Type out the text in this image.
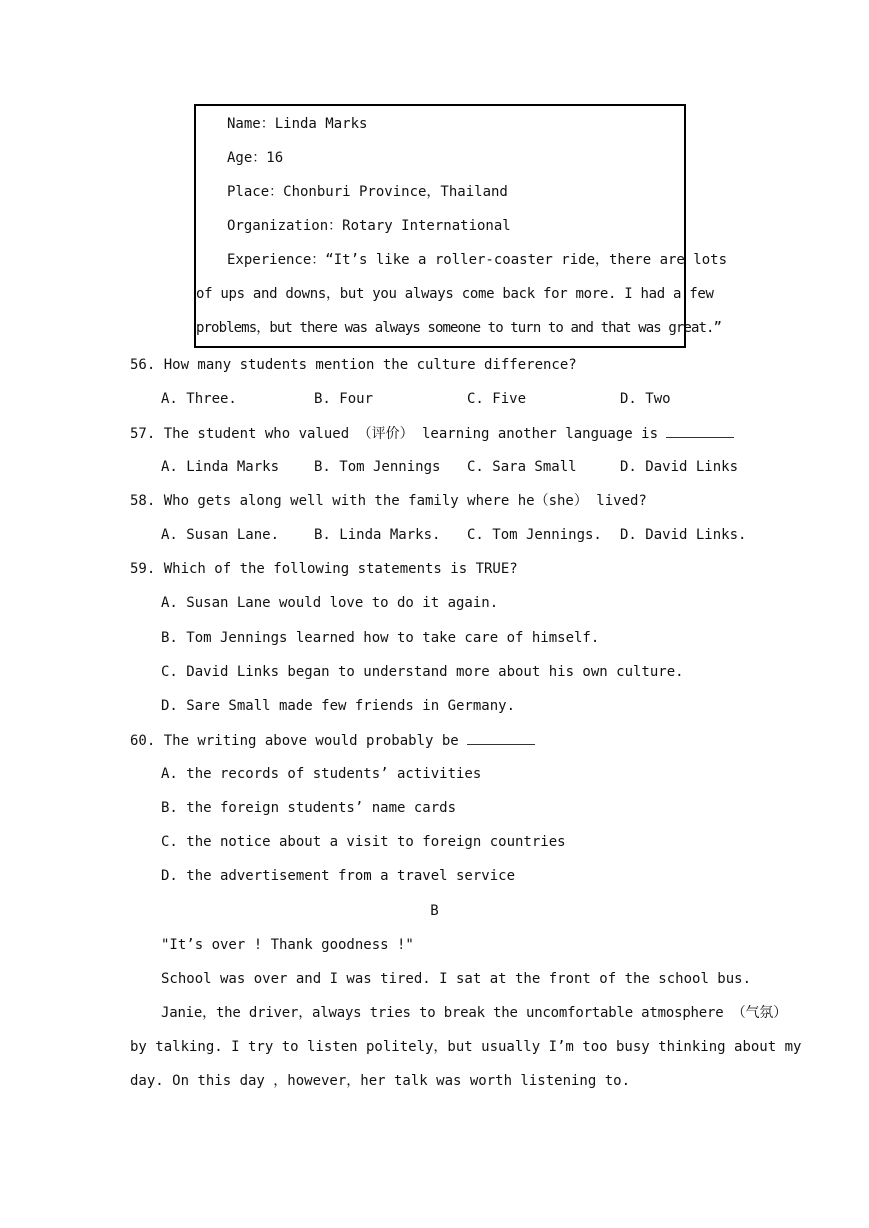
Name：Linda Marks
Age：16
Place：Chonburi Province，Thailand
Organization：Rotary International
Experience：“It’s like a roller-coaster ride，there are lots
of ups and downs，but you always come back for more. I had a few
problems，but there was always someone to turn to and that was great.”
56. How many students mention the culture difference?
A. Three.	B. Four	C. Five	D. Two
57. The student who valued （评价） learning another language is
A. Linda Marks B. Tom Jennings C. Sara Small	D. David Links
58. Who gets along well with the family where he（she） lived?
A. Susan Lane. B. Linda Marks. C. Tom Jennings. D. David Links.
59. Which of the following statements is TRUE?
A. Susan Lane would love to do it again.
B. Tom Jennings learned how to take care of himself.
C. David Links began to understand more about his own culture.
D. Sare Small made few friends in Germany.
60. The writing above would probably be
A. the records of students’ activities
B. the foreign students’ name cards
C. the notice about a visit to foreign countries
D. the advertisement from a travel service
B
"It’s over ! Thank goodness !"
School was over and I was tired. I sat at the front of the school bus.
Janie，the driver，always tries to break the uncomfortable atmosphere （气氛）
by talking. I try to listen politely，but usually I’m too busy thinking about my
day. On this day ，however，her talk was worth listening to.
